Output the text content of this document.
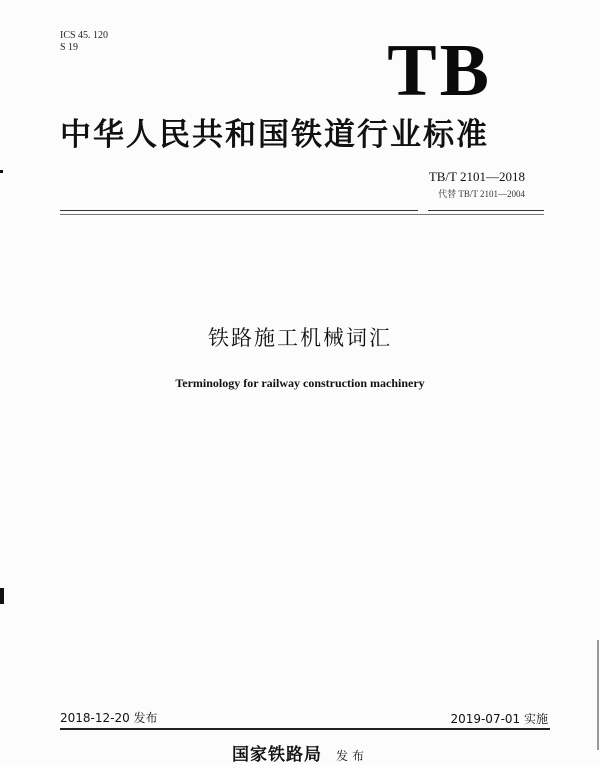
ICS 45. 120
S 19	TB
中华人民共和国铁道行业标准
TB/T 2101—2018
代替 TB/T 2101—2004
铁路施工机械词汇
Terminology for railway construction machinery
2018-12-20 发布	2019-07-01 实施
国家铁路局 发布
